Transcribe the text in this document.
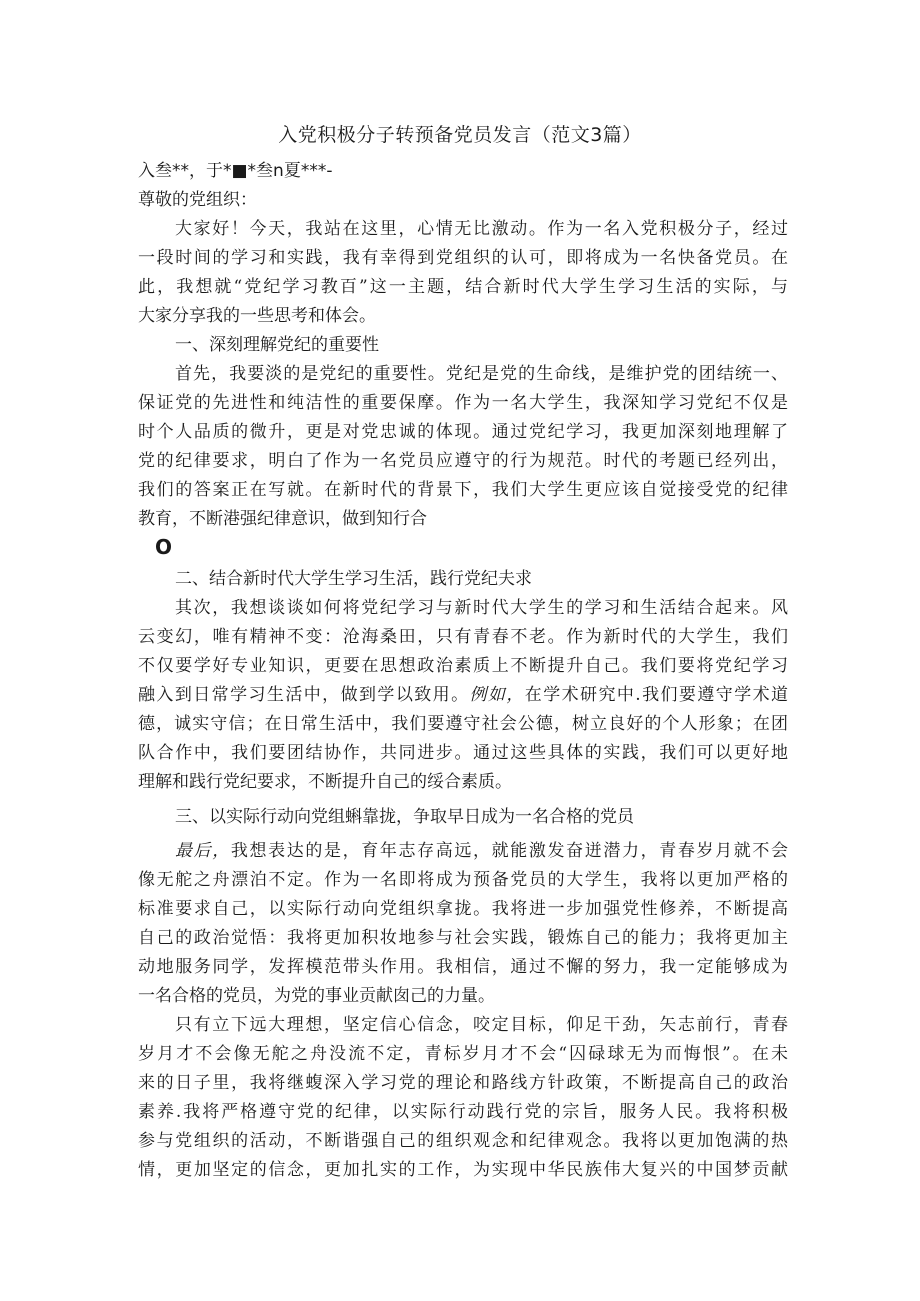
入党积极分子转预备党员发言（范文3篇）
入叁**，于*■*叁n夏***-
尊敬的党组织：
大家好！今天，我站在这里，心情无比激动。作为一名入党积极分子，经过
一段时间的学习和实践，我有幸得到党组织的认可，即将成为一名快备党员。在
此，我想就“党纪学习教百”这一主题，结合新时代大学生学习生活的实际，与
大家分享我的一些思考和体会。
一、深刻理解党纪的重要性
首先，我要淡的是党纪的重要性。党纪是党的生命线，是维护党的团结统一、
保证党的先进性和纯洁性的重要保摩。作为一名大学生，我深知学习党纪不仅是
时个人品质的微升，更是对党忠诚的体现。通过党纪学习，我更加深刻地理解了
党的纪律要求，明白了作为一名党员应遵守的行为规范。时代的考题已经列出，
我们的答案正在写就。在新时代的背景下，我们大学生更应该自觉接受党的纪律
教育，不断港强纪律意识，做到知行合
O
二、结合新时代大学生学习生活，践行党纪夫求
其次，我想谈谈如何将党纪学习与新时代大学生的学习和生活结合起来。风
云变幻，唯有精神不变：沧海桑田，只有青春不老。作为新时代的大学生，我们
不仅要学好专业知识，更要在思想政治素质上不断提升自己。我们要将党纪学习
融入到日常学习生活中，做到学以致用。例如，在学术研究中.我们要遵守学术道
德，诚实守信；在日常生活中，我们要遵守社会公德，树立良好的个人形象；在团
队合作中，我们要团结协作，共同进步。通过这些具体的实践，我们可以更好地
理解和践行党纪要求，不断提升自己的绥合素质。
三、以实际行动向党组蝌靠拢，争取早日成为一名合格的党员
最后，我想表达的是，育年志存高远，就能激发奋迸潜力，青春岁月就不会
像无舵之舟漂泊不定。作为一名即将成为预备党员的大学生，我将以更加严格的
标准要求自己，以实际行动向党组织拿拢。我将进一步加强党性修养，不断提高
自己的政治觉悟：我将更加积妆地参与社会实践，锻炼自己的能力；我将更加主
动地服务同学，发挥模范带头作用。我相信，通过不懈的努力，我一定能够成为
一名合格的党员，为党的事业贡献囱己的力量。
只有立下远大理想，坚定信心信念，咬定目标，仰足干劲，矢志前行，青春
岁月才不会像无舵之舟没流不定，青标岁月才不会“囚碌球无为而悔恨”。在未
来的日子里，我将继蝮深入学习党的理论和路线方针政策，不断提高自己的政治
素养.我将严格遵守党的纪律，以实际行动践行党的宗旨，服务人民。我将积极
参与党组织的活动，不断谐强自己的组织观念和纪律观念。我将以更加饱满的热
情，更加坚定的信念，更加扎实的工作，为实现中华民族伟大复兴的中国梦贡献
